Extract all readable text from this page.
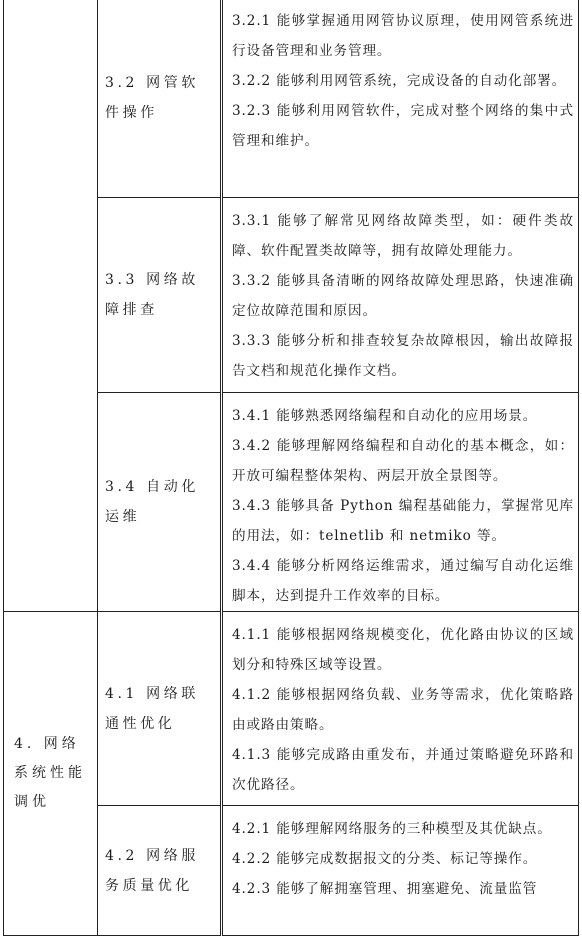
	3.2 网管软件操作	3.2.1 能够掌握通用网管协议原理，使用网管系统进行设备管理和业务管理。

3.2.2 能够利用网管系统，完成设备的自动化部署。

3.2.3 能够利用网管软件，完成对整个网络的集中式管理和维护。

	3.3 网络故障排查	3.3.1 能够了解常见网络故障类型，如：硬件类故障、软件配置类故障等，拥有故障处理能力。

3.3.2 能够具备清晰的网络故障处理思路，快速准确定位故障范围和原因。

3.3.3 能够分析和排查较复杂故障根因，输出故障报告文档和规范化操作文档。

	3.4 自动化运维	3.4.1 能够熟悉网络编程和自动化的应用场景。

3.4.2 能够理解网络编程和自动化的基本概念，如：开放可编程整体架构、两层开放全景图等。

3.4.3 能够具备 Python 编程基础能力，掌握常见库的用法，如：telnetlib 和 netmiko 等。

3.4.4 能够分析网络运维需求，通过编写自动化运维脚本，达到提升工作效率的目标。

4. 网络系统性能调优	4.1 网络联通性优化	4.1.1 能够根据网络规模变化，优化路由协议的区域划分和特殊区域等设置。

4.1.2 能够根据网络负载、业务等需求，优化策略路由或路由策略。

4.1.3 能够完成路由重发布，并通过策略避免环路和次优路径。

	4.2 网络服务质量优化	4.2.1 能够理解网络服务的三种模型及其优缺点。

4.2.2 能够完成数据报文的分类、标记等操作。

4.2.3 能够了解拥塞管理、拥塞避免、流量监管
